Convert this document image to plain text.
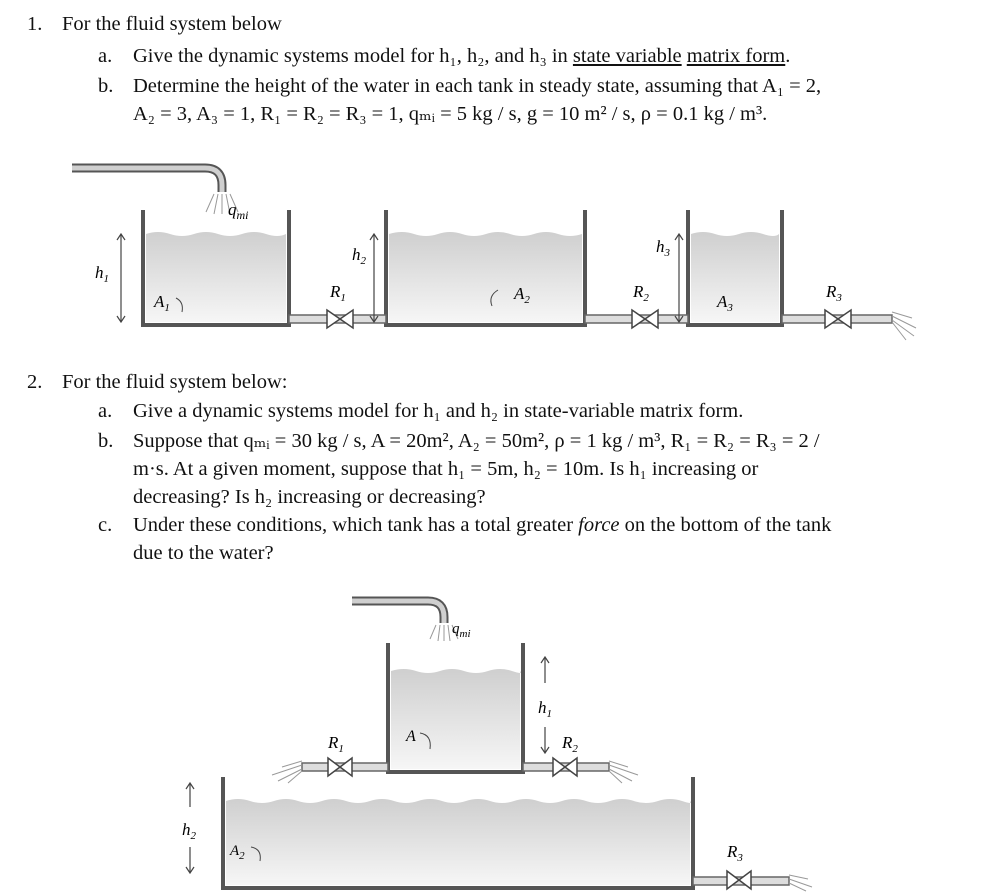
1. For the fluid system below
a. Give the dynamic systems model for h₁, h₂, and h₃ in state variable matrix form.
b. Determine the height of the water in each tank in steady state, assuming that A₁ = 2,
A₂ = 3, A₃ = 1, R₁ = R₂ = R₃ = 1, qₘᵢ = 5 kg / s, g = 10 m² / s, ρ = 0.1 kg / m³.
$q_{mi}$
$h_1$
$h_2$
$h_3$
$A_1$
$A_2$	$A_3$
$R_1$	$R_2$	$R_3$
2. For the fluid system below:
a. Give a dynamic systems model for h₁ and h₂ in state-variable matrix form.
b. Suppose that qₘᵢ = 30 kg / s, A = 20m², A₂ = 50m², ρ = 1 kg / m³, R₁ = R₂ = R₃ = 2 /
m·s. At a given moment, suppose that h₁ = 5m, h₂ = 10m. Is h₁ increasing or
decreasing? Is h₂ increasing or decreasing?
c. Under these conditions, which tank has a total greater force on the bottom of the tank
due to the water?
$q_{mi}$
$h_1$
$h_2$
A
$A_2$
$R_1$	$R_2$
$R_3$
